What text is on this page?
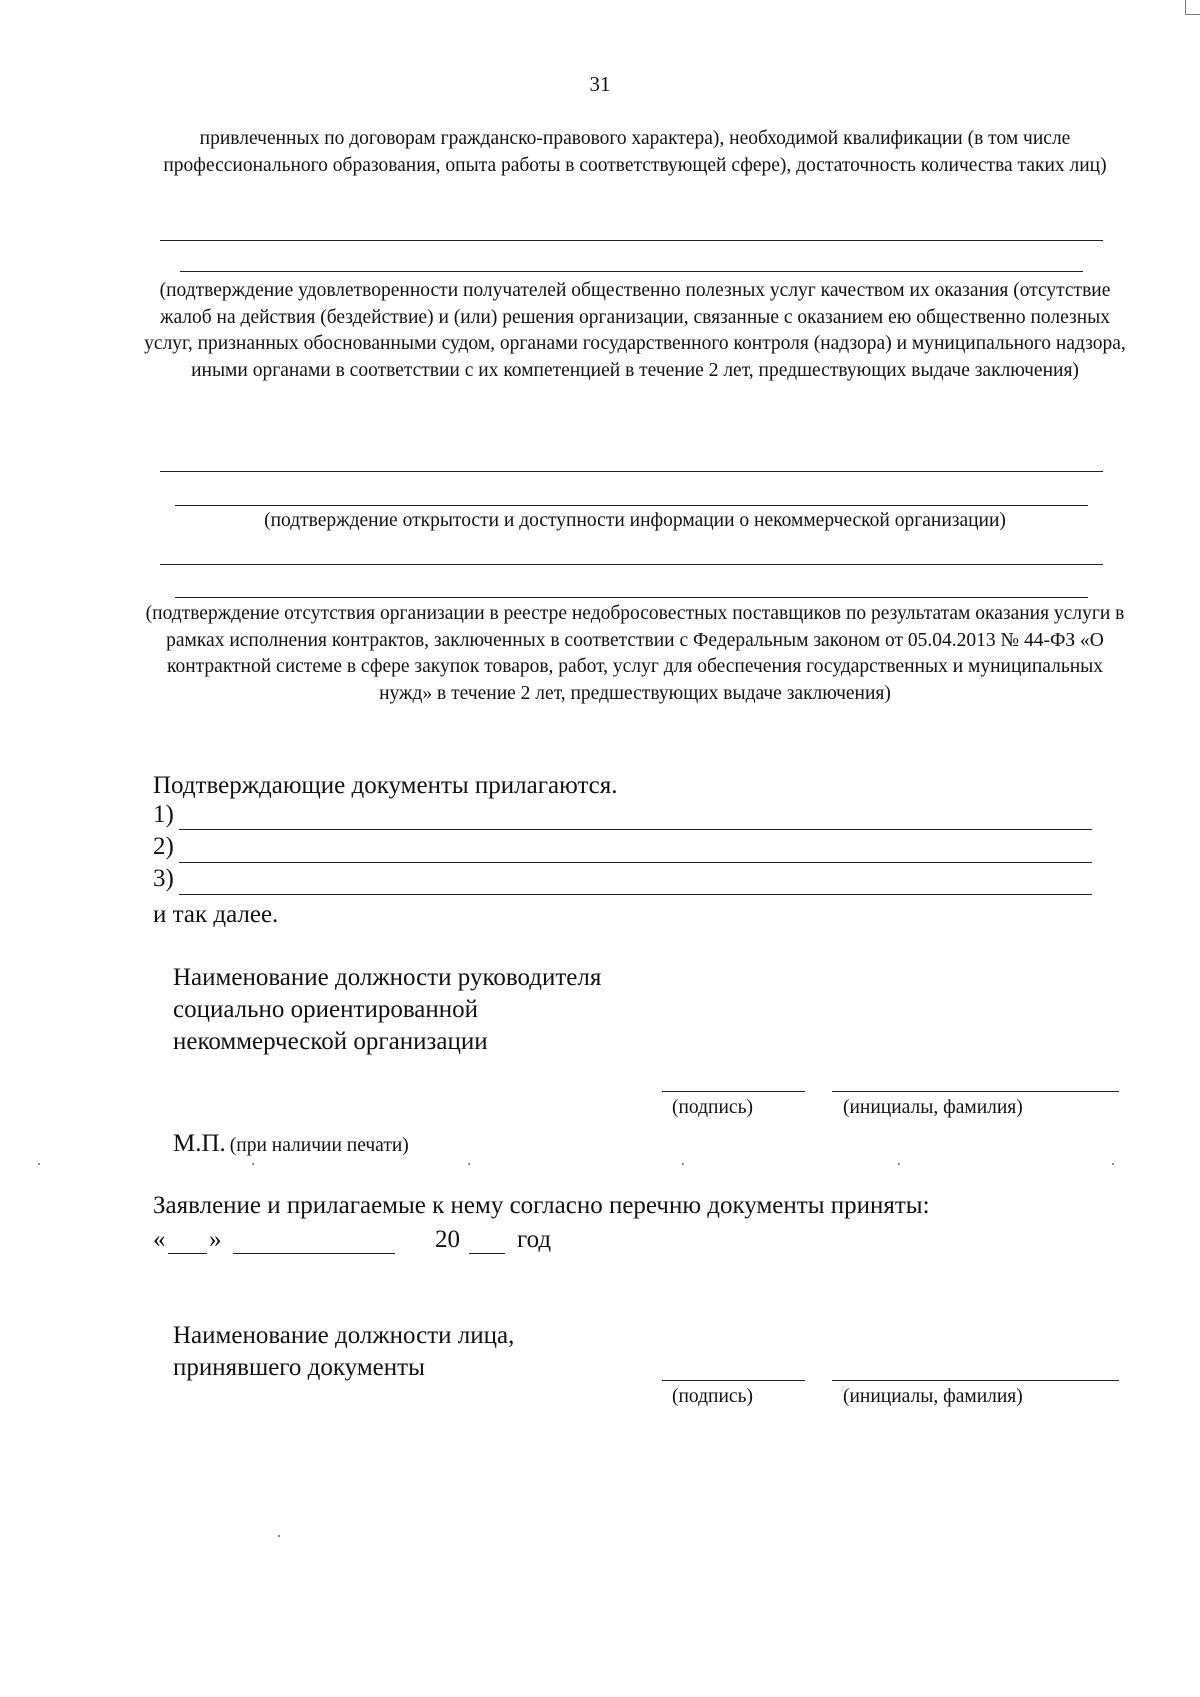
31
привлеченных по договорам гражданско-правового характера), необходимой квалификации (в том числе профессионального образования, опыта работы в соответствующей сфере), достаточность количества таких лиц)
(подтверждение удовлетворенности получателей общественно полезных услуг качеством их оказания (отсутствие жалоб на действия (бездействие) и (или) решения организации, связанные с оказанием ею общественно полезных услуг, признанных обоснованными судом, органами государственного контроля (надзора) и муниципального надзора, иными органами в соответствии с их компетенцией в течение 2 лет, предшествующих выдаче заключения)
(подтверждение открытости и доступности информации о некоммерческой организации)
(подтверждение отсутствия организации в реестре недобросовестных поставщиков по результатам оказания услуги в рамках исполнения контрактов, заключенных в соответствии с Федеральным законом от 05.04.2013 № 44-ФЗ «О контрактной системе в сфере закупок товаров, работ, услуг для обеспечения государственных и муниципальных нужд» в течение 2 лет, предшествующих выдаче заключения)
Подтверждающие документы прилагаются.
1)
2)
3)
и так далее.
Наименование должности руководителя социально ориентированной некоммерческой организации
(подпись)	(инициалы, фамилия)
М.П. (при наличии печати)
Заявление и прилагаемые к нему согласно перечню документы приняты:
« »	20 год
Наименование должности лица, принявшего документы
(подпись)	(инициалы, фамилия)
